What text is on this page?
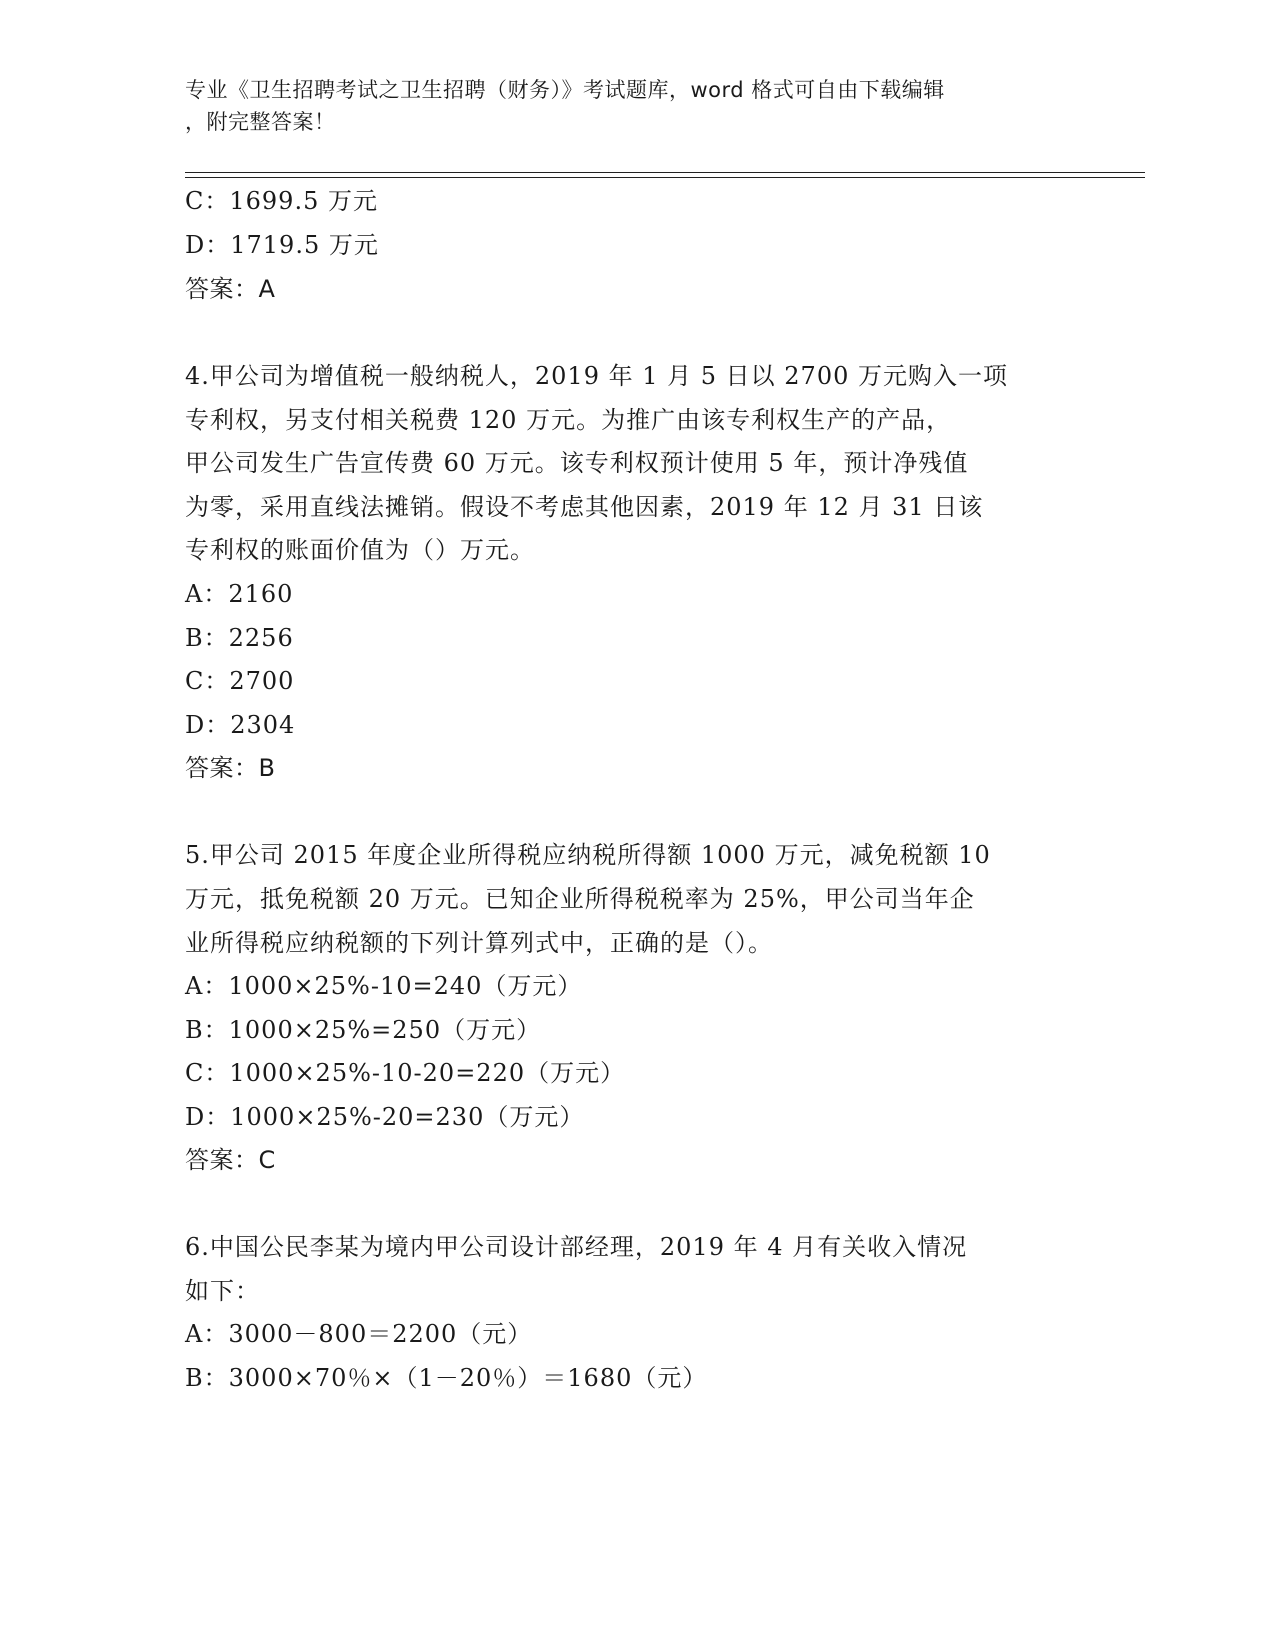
专业《卫生招聘考试之卫生招聘（财务）》考试题库，word 格式可自由下载编辑
，附完整答案！
C：1699.5 万元
D：1719.5 万元
答案：A
4.甲公司为增值税一般纳税人，2019 年 1 月 5 日以 2700 万元购入一项
专利权，另支付相关税费 120 万元。为推广由该专利权生产的产品，
甲公司发生广告宣传费 60 万元。该专利权预计使用 5 年，预计净残值
为零，采用直线法摊销。假设不考虑其他因素，2019 年 12 月 31 日该
专利权的账面价值为（）万元。
A：2160
B：2256
C：2700
D：2304
答案：B
5.甲公司 2015 年度企业所得税应纳税所得额 1000 万元，减免税额 10
万元，抵免税额 20 万元。已知企业所得税税率为 25%，甲公司当年企
业所得税应纳税额的下列计算列式中，正确的是（）。
A：1000×25%-10=240（万元）
B：1000×25%=250（万元）
C：1000×25%-10-20=220（万元）
D：1000×25%-20=230（万元）
答案：C
6.中国公民李某为境内甲公司设计部经理，2019 年 4 月有关收入情况
如下：
A：3000－800＝2200（元）
B：3000×70％×（1－20％）＝1680（元）
